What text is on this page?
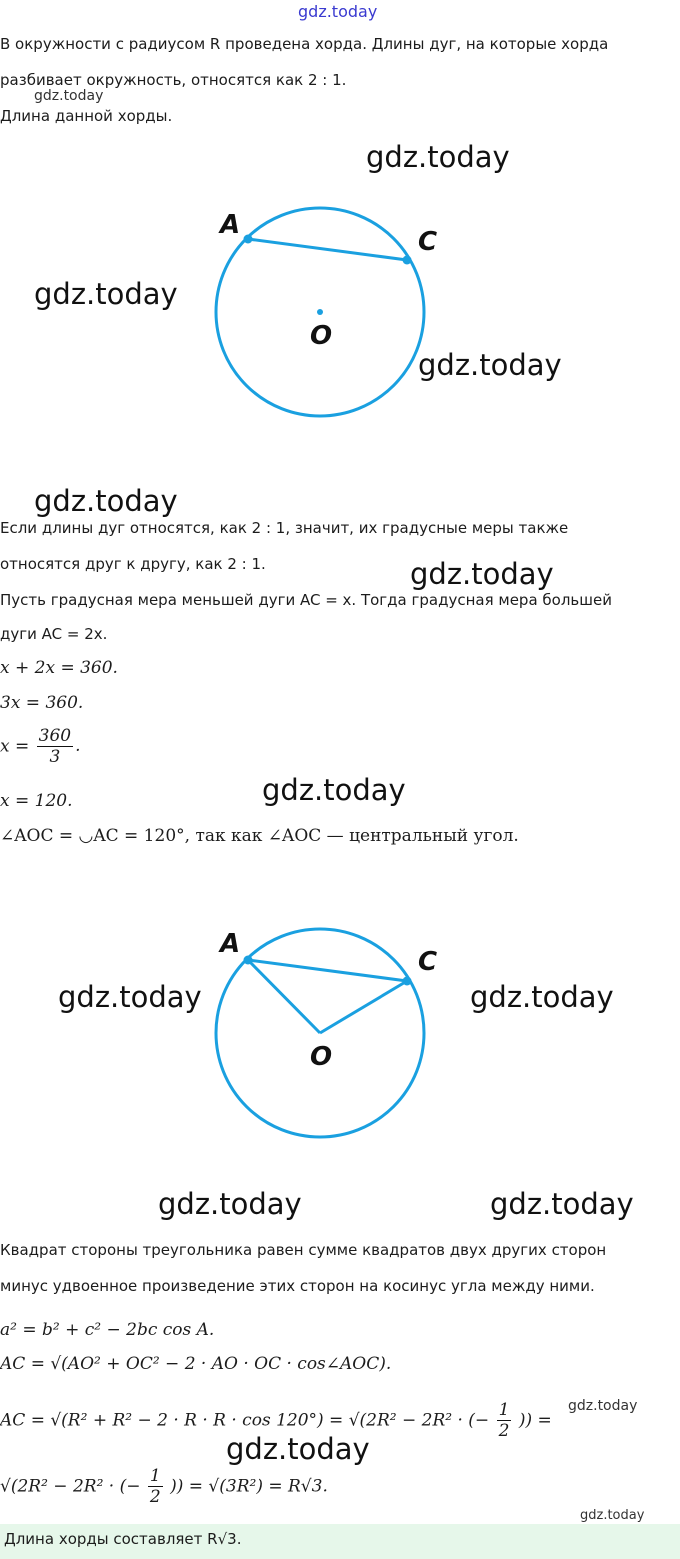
gdz.today
gdz.today
gdz.today
gdz.today
gdz.today
gdz.today
gdz.today
gdz.today
gdz.today	gdz.today
gdz.today	gdz.today
gdz.today
gdz.today
gdz.today
В окружности с радиусом R проведена хорда. Длины дуг, на которые хорда
разбивает окружность, относятся как 2 : 1.
Длина данной хорды.
A
C
O
Если длины дуг относятся, как 2 : 1, значит, их градусные меры также
относятся друг к другу, как 2 : 1.
Пусть градусная мера меньшей дуги AC = x. Тогда градусная мера большей
дуги AC = 2x.
x + 2x = 360.
3x = 360.
$x = \frac{360}{3}$ .
x = 120.
∠AOC = ◡AC = 120°, так как ∠AOC — центральный угол.
A
C
O
Квадрат стороны треугольника равен сумме квадратов двух других сторон
минус удвоенное произведение этих сторон на косинус угла между ними.
a² = b² + c² − 2bc cos A.
AC = √(AO² + OC² − 2 · AO · OC · cos∠AOC).
AC = √(R² + R² − 2 · R · R · cos 120°) = √(2R² − 2R² · (− $\frac{1}{2}$ )) =
√(2R² − 2R² · (− $\frac{1}{2}$ )) = √(3R²) = R√3.
Длина хорды составляет R√3.
